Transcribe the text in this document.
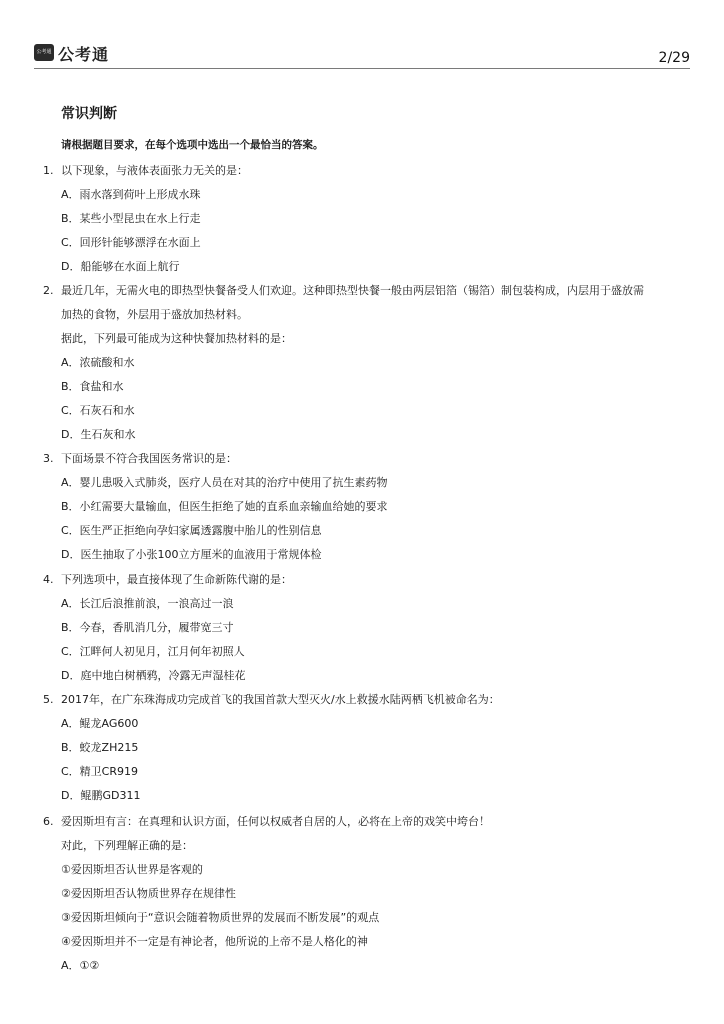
公考通 公考通	2/29
常识判断
请根据题目要求，在每个选项中选出一个最恰当的答案。
1. 以下现象，与液体表面张力无关的是：
A．雨水落到荷叶上形成水珠
B．某些小型昆虫在水上行走
C．回形针能够漂浮在水面上
D．船能够在水面上航行
2. 最近几年，无需火电的即热型快餐备受人们欢迎。这种即热型快餐一般由两层铝箔（锡箔）制包装构成，内层用于盛放需
加热的食物，外层用于盛放加热材料。
据此，下列最可能成为这种快餐加热材料的是：
A．浓硫酸和水
B．食盐和水
C．石灰石和水
D．生石灰和水
3. 下面场景不符合我国医务常识的是：
A．婴儿患吸入式肺炎，医疗人员在对其的治疗中使用了抗生素药物
B．小红需要大量输血，但医生拒绝了她的直系血亲输血给她的要求
C．医生严正拒绝向孕妇家属透露腹中胎儿的性别信息
D．医生抽取了小张100立方厘米的血液用于常规体检
4. 下列选项中，最直接体现了生命新陈代谢的是：
A．长江后浪推前浪，一浪高过一浪
B．今春，香肌消几分，履带宽三寸
C．江畔何人初见月，江月何年初照人
D．庭中地白树栖鸦，冷露无声湿桂花
5. 2017年，在广东珠海成功完成首飞的我国首款大型灭火/水上救援水陆两栖飞机被命名为：
A．鲲龙AG600
B．蛟龙ZH215
C．精卫CR919
D．鲲鹏GD311
6. 爱因斯坦有言：在真理和认识方面，任何以权威者自居的人，必将在上帝的戏笑中垮台！
对此，下列理解正确的是：
①爱因斯坦否认世界是客观的
②爱因斯坦否认物质世界存在规律性
③爱因斯坦倾向于“意识会随着物质世界的发展而不断发展”的观点
④爱因斯坦并不一定是有神论者，他所说的上帝不是人格化的神
A．①②
